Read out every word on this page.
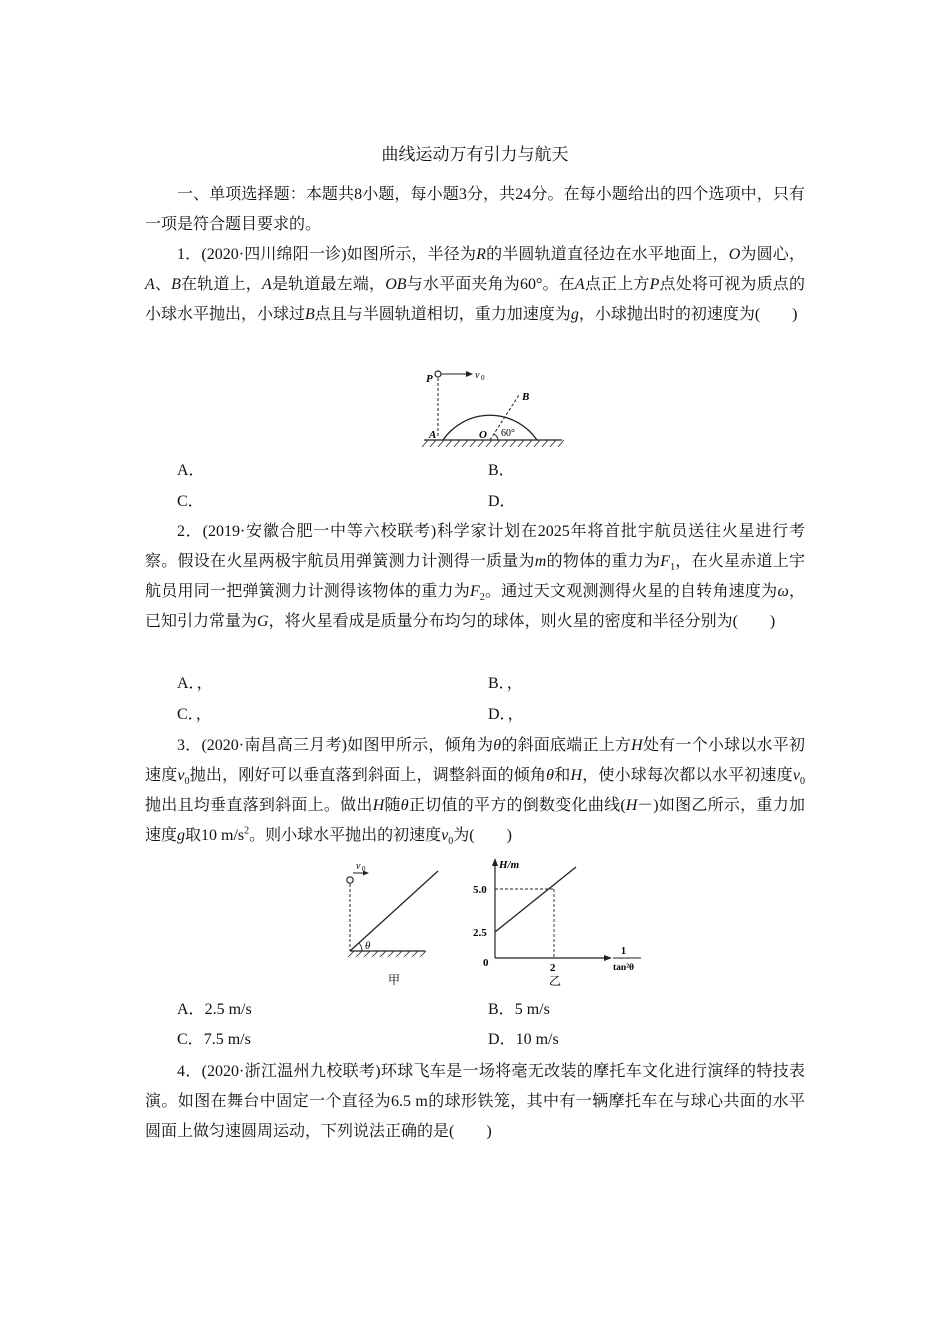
曲线运动万有引力与航天

一、单项选择题：本题共8小题，每小题3分，共24分。在每小题给出的四个选项中，只有一项是符合题目要求的。

1．(2020·四川绵阳一诊)如图所示，半径为R的半圆轨道直径边在水平地面上，O为圆心，A、B在轨道上，A是轨道最左端，OB与水平面夹角为60°。在A点正上方P点处将可视为质点的小球水平抛出，小球过B点且与半圆轨道相切，重力加速度为g，小球抛出时的初速度为(　　)

P	v 0
A
B
O 60°
A．	B．
C．	D．

2．(2019·安徽合肥一中等六校联考)科学家计划在2025年将首批宇航员送往火星进行考察。假设在火星两极宇航员用弹簧测力计测得一质量为m的物体的重力为$F_1$，在火星赤道上宇航员用同一把弹簧测力计测得该物体的重力为$F_2$。通过天文观测测得火星的自转角速度为ω，已知引力常量为G，将火星看成是质量分布均匀的球体，则火星的密度和半径分别为(　　)

A．，	B．，
C．，	D．，

3．(2020·南昌高三月考)如图甲所示，倾角为θ的斜面底端正上方H处有一个小球以水平初速度$v_0$抛出，刚好可以垂直落到斜面上，调整斜面的倾角θ和H，使小球每次都以水平初速度$v_0$抛出且均垂直落到斜面上。做出H随θ正切值的平方的倒数变化曲线(H－)如图乙所示，重力加速度g取10 $m/s^2$。则小球水平抛出的初速度$v_0$为(　　)

v 0
θ
甲
H/m
5.0
2.5
0	2
1
tan²θ
乙
A．2.5 m/s	B．5 m/s
C．7.5 m/s	D．10 m/s

4．(2020·浙江温州九校联考)环球飞车是一场将毫无改装的摩托车文化进行演绎的特技表演。如图在舞台中固定一个直径为6.5 m的球形铁笼，其中有一辆摩托车在与球心共面的水平圆面上做匀速圆周运动，下列说法正确的是(　　)
